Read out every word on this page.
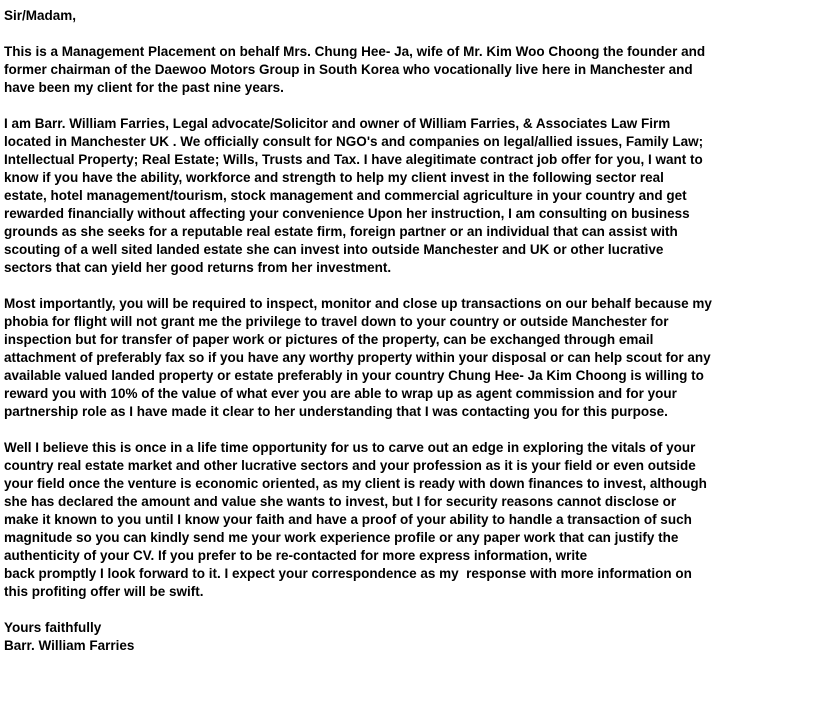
Sir/Madam,
This is a Management Placement on behalf Mrs. Chung Hee- Ja, wife of Mr. Kim Woo Choong the founder and
former chairman of the Daewoo Motors Group in South Korea who vocationally live here in Manchester and
have been my client for the past nine years.
I am Barr. William Farries, Legal advocate/Solicitor and owner of William Farries, & Associates Law Firm
located in Manchester UK . We officially consult for NGO's and companies on legal/allied issues, Family Law;
Intellectual Property; Real Estate; Wills, Trusts and Tax. I have alegitimate contract job offer for you, I want to
know if you have the ability, workforce and strength to help my client invest in the following sector real
estate, hotel management/tourism, stock management and commercial agriculture in your country and get
rewarded financially without affecting your convenience Upon her instruction, I am consulting on business
grounds as she seeks for a reputable real estate firm, foreign partner or an individual that can assist with
scouting of a well sited landed estate she can invest into outside Manchester and UK or other lucrative
sectors that can yield her good returns from her investment.
Most importantly, you will be required to inspect, monitor and close up transactions on our behalf because my
phobia for flight will not grant me the privilege to travel down to your country or outside Manchester for
inspection but for transfer of paper work or pictures of the property, can be exchanged through email
attachment of preferably fax so if you have any worthy property within your disposal or can help scout for any
available valued landed property or estate preferably in your country Chung Hee- Ja Kim Choong is willing to
reward you with 10% of the value of what ever you are able to wrap up as agent commission and for your
partnership role as I have made it clear to her understanding that I was contacting you for this purpose.
Well I believe this is once in a life time opportunity for us to carve out an edge in exploring the vitals of your
country real estate market and other lucrative sectors and your profession as it is your field or even outside
your field once the venture is economic oriented, as my client is ready with down finances to invest, although
she has declared the amount and value she wants to invest, but I for security reasons cannot disclose or
make it known to you until I know your faith and have a proof of your ability to handle a transaction of such
magnitude so you can kindly send me your work experience profile or any paper work that can justify the
authenticity of your CV. If you prefer to be re-contacted for more express information, write
back promptly I look forward to it. I expect your correspondence as my  response with more information on
this profiting offer will be swift.
Yours faithfully
Barr. William Farries
